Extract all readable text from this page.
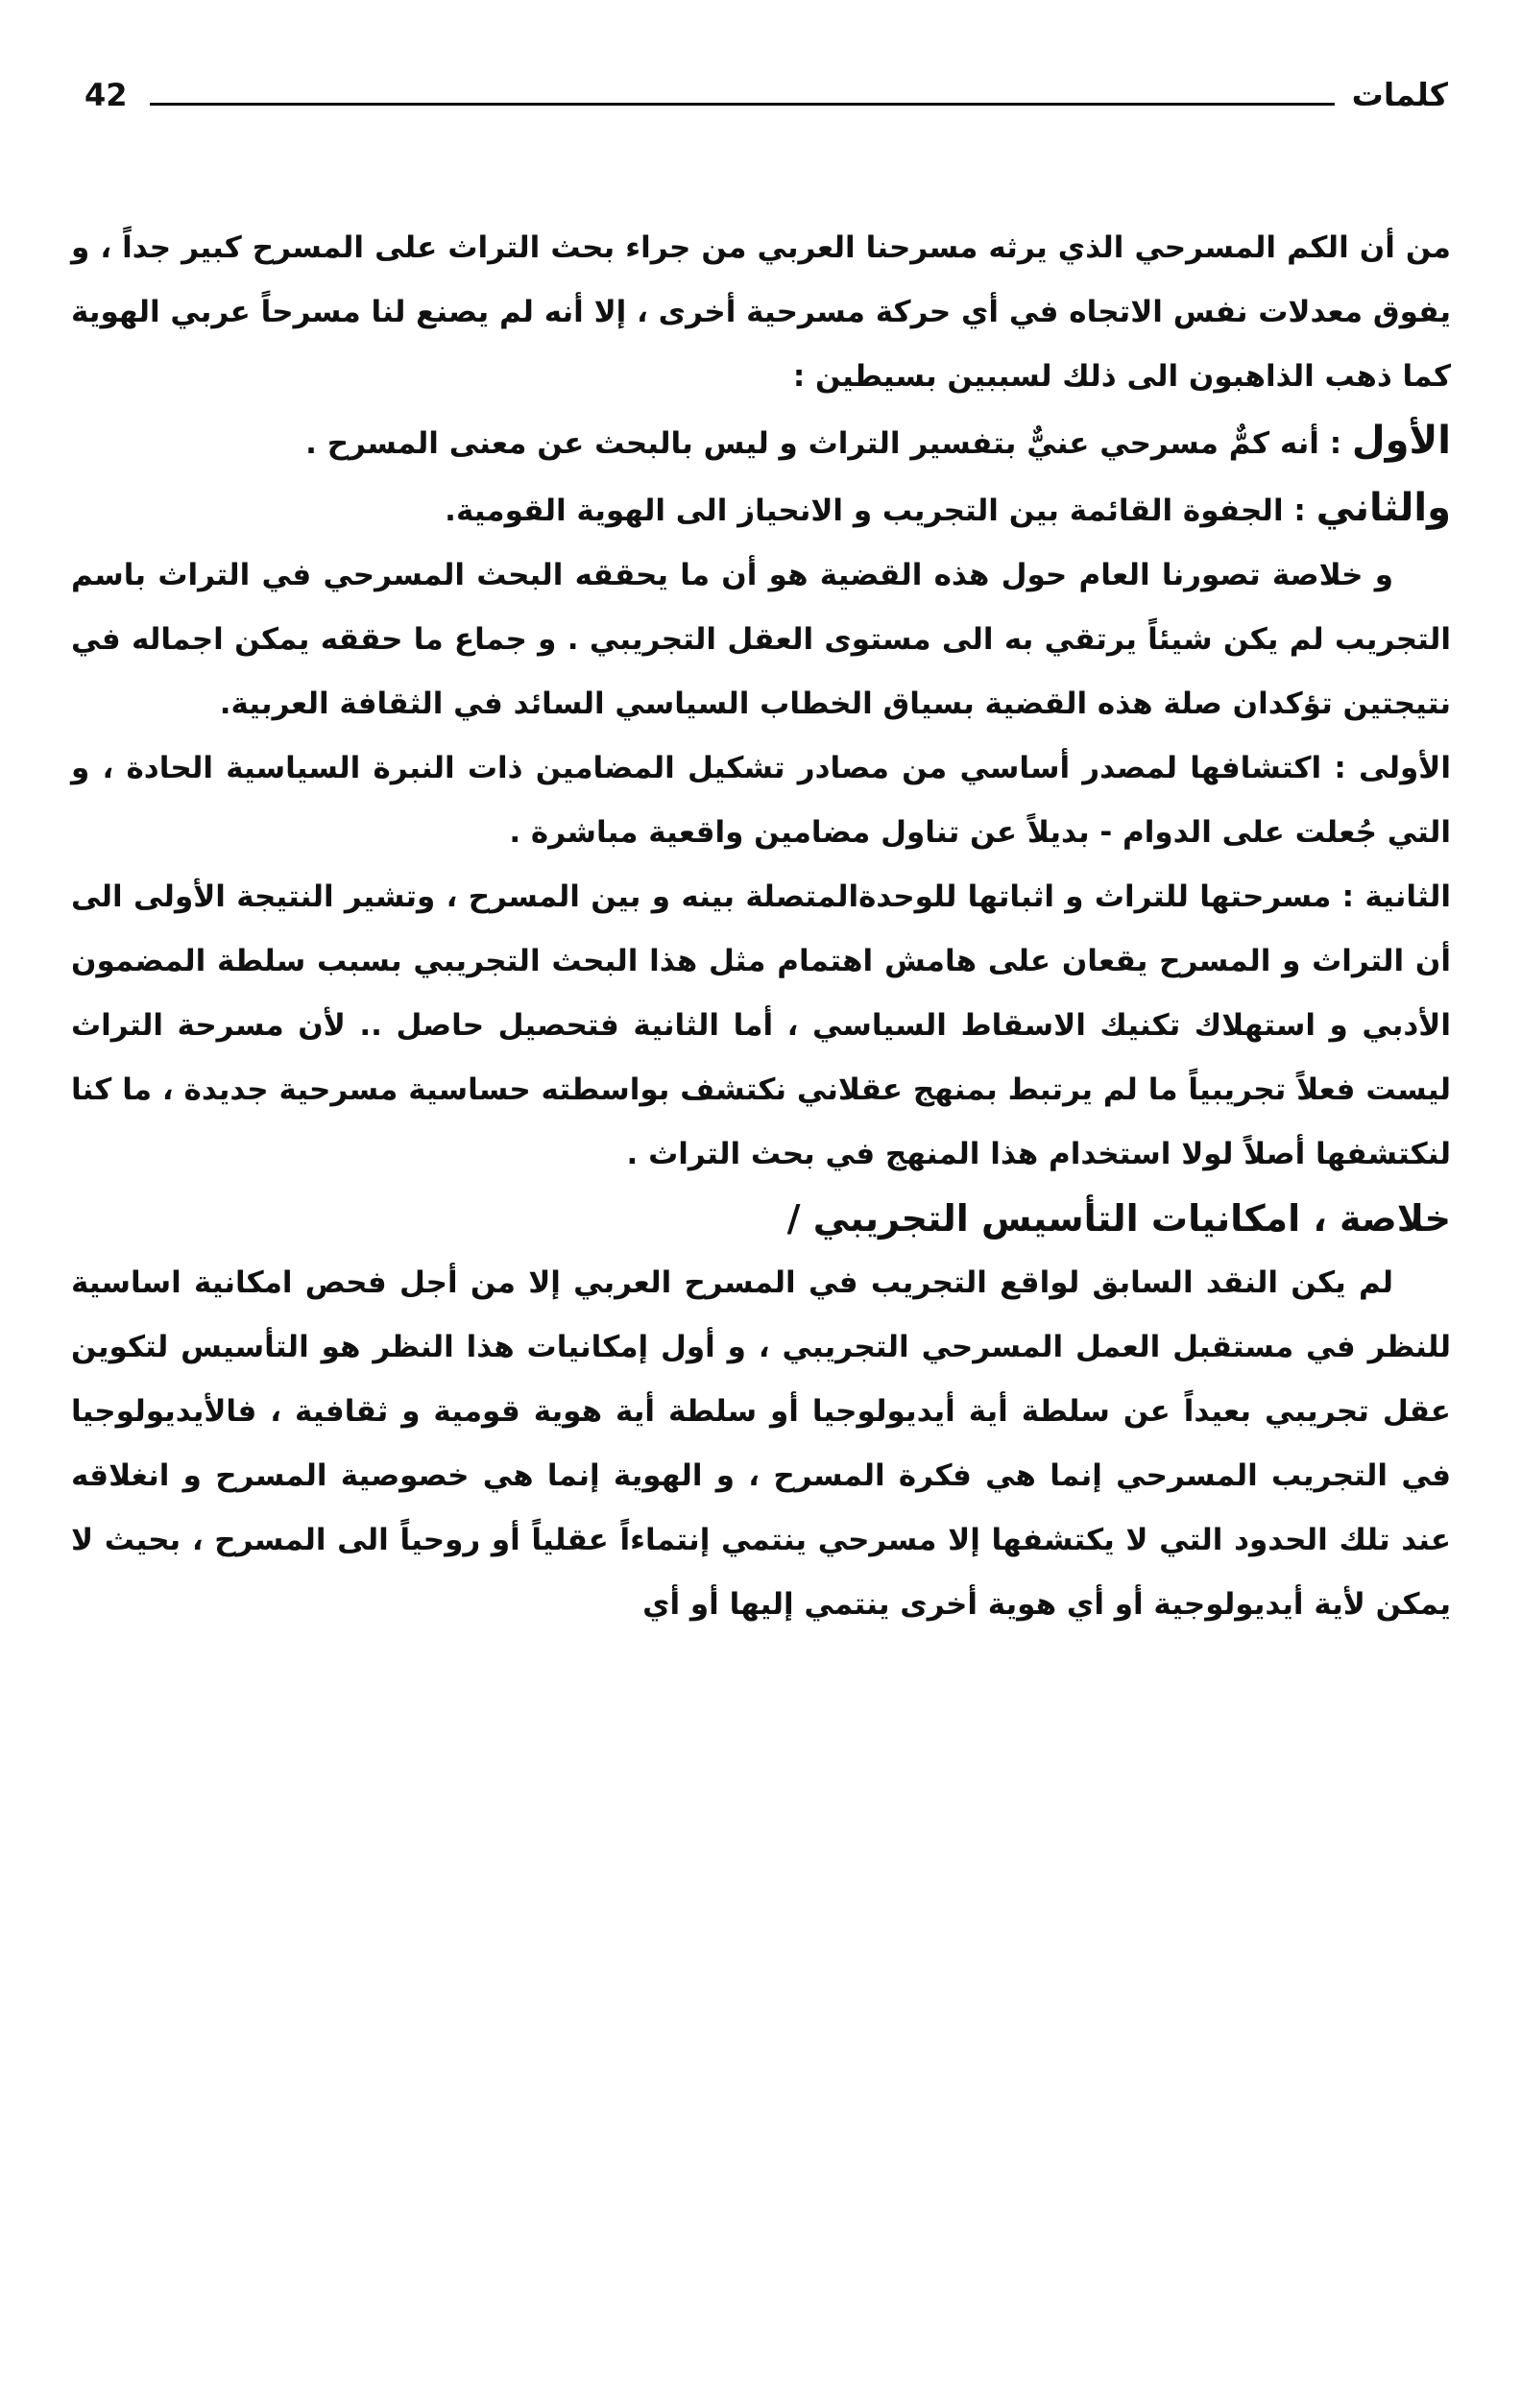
42	كلمات

من أن الكم المسرحي الذي يرثه مسرحنا العربي من جراء بحث التراث على المسرح كبير جداً ، و يفوق معدلات نفس الاتجاه في أي حركة مسرحية أخرى ، إلا أنه لم يصنع لنا مسرحاً عربي الهوية كما ذهب الذاهبون الى ذلك لسببين بسيطين :

الأول : أنه كمٌّ مسرحي عنيٌّ بتفسير التراث و ليس بالبحث عن معنى المسرح .

والثاني : الجفوة القائمة بين التجريب و الانحياز الى الهوية القومية.

و خلاصة تصورنا العام حول هذه القضية هو أن ما يحققه البحث المسرحي في التراث باسم التجريب لم يكن شيئاً يرتقي به الى مستوى العقل التجريبي . و جماع ما حققه يمكن اجماله في نتيجتين تؤكدان صلة هذه القضية بسياق الخطاب السياسي السائد في الثقافة العربية.

الأولى : اكتشافها لمصدر أساسي من مصادر تشكيل المضامين ذات النبرة السياسية الحادة ، و التي جُعلت على الدوام - بديلاً عن تناول مضامين واقعية مباشرة .

الثانية : مسرحتها للتراث و اثباتها للوحدةالمتصلة بينه و بين المسرح ، وتشير النتيجة الأولى الى أن التراث و المسرح يقعان على هامش اهتمام مثل هذا البحث التجريبي بسبب سلطة المضمون الأدبي و استهلاك تكنيك الاسقاط السياسي ، أما الثانية فتحصيل حاصل .. لأن مسرحة التراث ليست فعلاً تجريبياً ما لم يرتبط بمنهج عقلاني نكتشف بواسطته حساسية مسرحية جديدة ، ما كنا لنكتشفها أصلاً لولا استخدام هذا المنهج في بحث التراث .

خلاصة ، امكانيات التأسيس التجريبي /

لم يكن النقد السابق لواقع التجريب في المسرح العربي إلا من أجل فحص امكانية اساسية للنظر في مستقبل العمل المسرحي التجريبي ، و أول إمكانيات هذا النظر هو التأسيس لتكوين عقل تجريبي بعيداً عن سلطة أية أيديولوجيا أو سلطة أية هوية قومية و ثقافية ، فالأيديولوجيا في التجريب المسرحي إنما هي فكرة المسرح ، و الهوية إنما هي خصوصية المسرح و انغلاقه عند تلك الحدود التي لا يكتشفها إلا مسرحي ينتمي إنتماءاً عقلياً أو روحياً الى المسرح ، بحيث لا يمكن لأية أيديولوجية أو أي هوية أخرى ينتمي إليها أو أي
